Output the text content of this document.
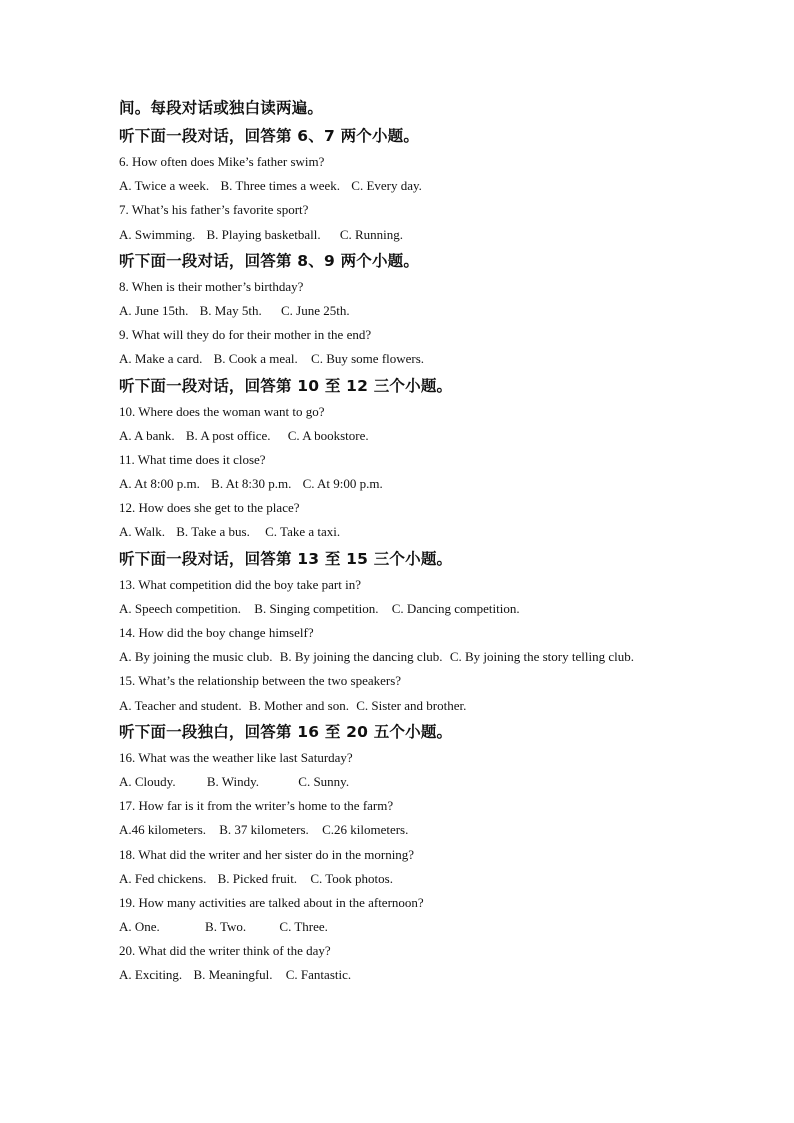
间。每段对话或独白读两遍。
听下面一段对话，回答第 6、7 两个小题。
6. How often does Mike’s father swim?
A. Twice a week. B. Three times a week. C. Every day.
7. What’s his father’s favorite sport?
A. Swimming. B. Playing basketball. C. Running.
听下面一段对话，回答第 8、9 两个小题。
8. When is their mother’s birthday?
A. June 15th. B. May 5th. C. June 25th.
9. What will they do for their mother in the end?
A. Make a card. B. Cook a meal. C. Buy some flowers.
听下面一段对话，回答第 10 至 12 三个小题。
10. Where does the woman want to go?
A. A bank. B. A post office. C. A bookstore.
11. What time does it close?
A. At 8:00 p.m. B. At 8:30 p.m. C. At 9:00 p.m.
12. How does she get to the place?
A. Walk. B. Take a bus. C. Take a taxi.
听下面一段对话，回答第 13 至 15 三个小题。
13. What competition did the boy take part in?
A. Speech competition. B. Singing competition. C. Dancing competition.
14. How did the boy change himself?
A. By joining the music club. B. By joining the dancing club. C. By joining the story telling club.
15. What’s the relationship between the two speakers?
A. Teacher and student. B. Mother and son. C. Sister and brother.
听下面一段独白，回答第 16 至 20 五个小题。
16. What was the weather like last Saturday?
A. Cloudy. B. Windy.	C. Sunny.
17. How far is it from the writer’s home to the farm?
A.46 kilometers. B. 37 kilometers. C.26 kilometers.
18. What did the writer and her sister do in the morning?
A. Fed chickens. B. Picked fruit. C. Took photos.
19. How many activities are talked about in the afternoon?
A. One.	B. Two.	C. Three.
20. What did the writer think of the day?
A. Exciting. B. Meaningful. C. Fantastic.
